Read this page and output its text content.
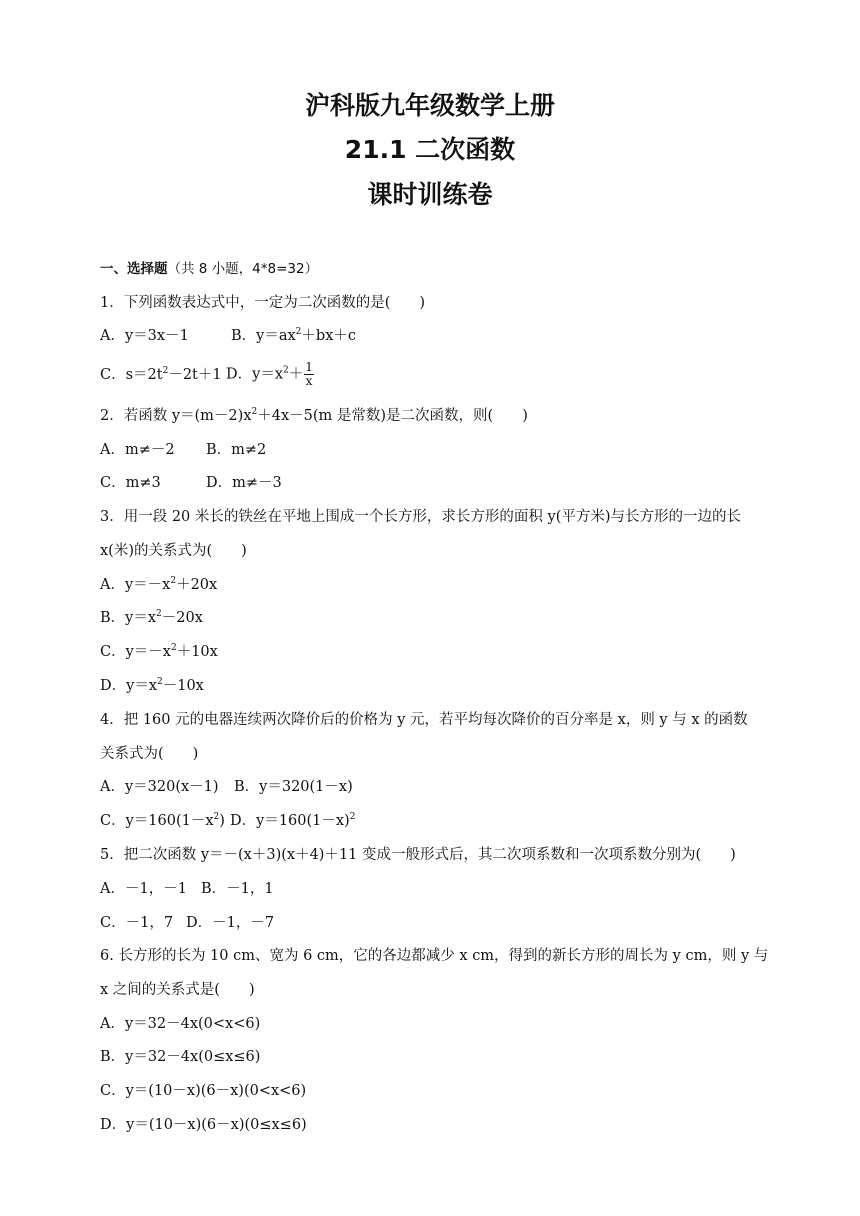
沪科版九年级数学上册
21.1 二次函数
课时训练卷
一、选择题（共 8 小题，4*8=32）
1．下列函数表达式中，一定为二次函数的是(　　)
A．y＝3x－1	B．$y=ax^2+bx+c$
C．$s=2t^2-2t+1$ D．$y=x^2+ \frac{1}{x}$
2．若函数 $y=(m-2)x^2+4x-5(m$ 是常数)是二次函数，则(　　)
A．m≠－2 B．m≠2
C．m≠3	D．m≠－3
3．用一段 20 米长的铁丝在平地上围成一个长方形，求长方形的面积 y(平方米)与长方形的一边的长
x(米)的关系式为(　　)
A．$y=-x^2+20x$
B．$y=x^2-20x$
C．$y=-x^2+10x$
D．$y=x^2-10x$
4．把 160 元的电器连续两次降价后的价格为 y 元，若平均每次降价的百分率是 x，则 y 与 x 的函数
关系式为(　　)
A．y＝320(x－1) B．y＝320(1－x)
C．$y=160(1-x^2)$ D．$y=160(1-x)^2$
5．把二次函数 y＝－(x＋3)(x＋4)＋11 变成一般形式后，其二次项系数和一次项系数分别为(　　)
A．－1，－1 B．－1，1
C．－1，7 D．－1，－7
6. 长方形的长为 10 cm、宽为 6 cm，它的各边都减少 x cm，得到的新长方形的周长为 y cm，则 y 与
x 之间的关系式是(　　)
A．y＝32－4x(0<x<6)
B．y＝32－4x(0≤x≤6)
C．y＝(10－x)(6－x)(0<x<6)
D．y＝(10－x)(6－x)(0≤x≤6)
